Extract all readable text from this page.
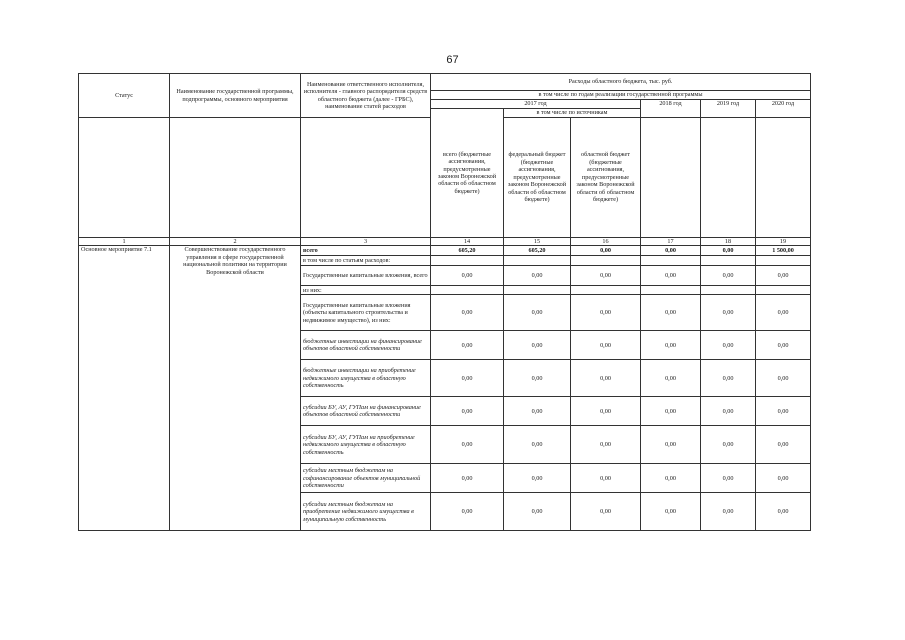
67
Статус	Наименование государственной программы, подпрограммы, основного мероприятия	Наименование ответственного исполнителя, исполнителя - главного распорядителя средств областного бюджета (далее - ГРБС), наименование статей расходов	Расходы областного бюджета, тыс. руб.					
			в том числе по годам реализации государственной программы					
			2017 год			2018 год	2019 год	2020 год
			всего (бюджетные ассигнования, предусмотренные законом Воронежской области об областном бюджете)	в том числе по источникам				
				федеральный бюджет (бюджетные ассигнования, предусмотренные законом Воронежской области об областном бюджете)	областной бюджет (бюджетные ассигнования, предусмотренные законом Воронежской области об областном бюджете)			
1	2	3	14	15	16	17	18	19
Основное мероприятие 7.1	Совершенствование государственного управления в сфере государственной национальной политики на территории Воронежской области	всего	605,20	605,20	0,00	0,00	0,00	1 500,00
		в том числе по статьям расходов:						
		Государственные капитальные вложения, всего	0,00	0,00	0,00	0,00	0,00	0,00
		из них:						
		Государственные капитальные вложения (объекты капитального строительства и недвижимое имущество), из них:	0,00	0,00	0,00	0,00	0,00	0,00
		бюджетные инвестиции на финансирование объектов областной собственности	0,00	0,00	0,00	0,00	0,00	0,00
		бюджетные инвестиции на приобретение недвижимого имущества в областную собственность	0,00	0,00	0,00	0,00	0,00	0,00
		субсидии БУ, АУ, ГУПам на финансирование объектов областной собственности	0,00	0,00	0,00	0,00	0,00	0,00
		субсидии БУ, АУ, ГУПам на приобретение недвижимого имущества в областную собственность	0,00	0,00	0,00	0,00	0,00	0,00
		субсидии местным бюджетам на софинансирование объектов муниципальной собственности	0,00	0,00	0,00	0,00	0,00	0,00
		субсидии местным бюджетам на приобретение недвижимого имущества в муниципальную собственность	0,00	0,00	0,00	0,00	0,00	0,00
